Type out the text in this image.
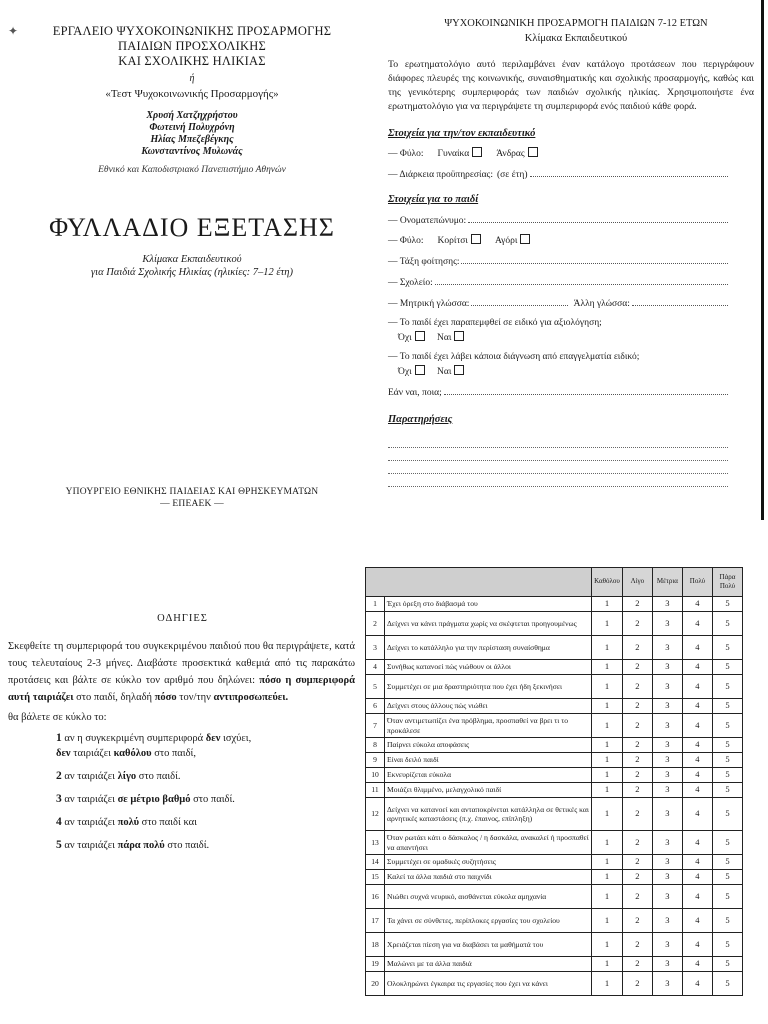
✦	ΕΡΓΑΛΕΙΟ ΨΥΧΟΚΟΙΝΩΝΙΚΗΣ ΠΡΟΣΑΡΜΟΓΗΣ
ΠΑΙΔΙΩΝ ΠΡΟΣΧΟΛΙΚΗΣ
ΚΑΙ ΣΧΟΛΙΚΗΣ ΗΛΙΚΙΑΣ
ή
«Τεστ Ψυχοκοινωνικής Προσαρμογής»
Χρυσή Χατζηχρήστου
Φωτεινή Πολυχρόνη
Ηλίας Μπεζεβέγκης
Κωνσταντίνος Μυλωνάς
Εθνικό και Καποδιστριακό Πανεπιστήμιο Αθηνών
ΦΥΛΛΑΔΙΟ ΕΞΕΤΑΣΗΣ
Κλίμακα Εκπαιδευτικού
για Παιδιά Σχολικής Ηλικίας (ηλικίες: 7–12 έτη)
ΥΠΟΥΡΓΕΙΟ ΕΘΝΙΚΗΣ ΠΑΙΔΕΙΑΣ ΚΑΙ ΘΡΗΣΚΕΥΜΑΤΩΝ
— ΕΠΕΑΕΚ —
ΨΥΧΟΚΟΙΝΩΝΙΚΗ ΠΡΟΣΑΡΜΟΓΗ ΠΑΙΔΙΩΝ 7-12 ΕΤΩΝ
Κλίμακα Εκπαιδευτικού
Το ερωτηματολόγιο αυτό περιλαμβάνει έναν κατάλογο προτάσεων που περιγράφουν διάφορες πλευρές της κοινωνικής, συναισθηματικής και σχολικής προσαρμογής, καθώς και της γενικότερης συμπεριφοράς των παιδιών σχολικής ηλικίας. Χρησιμοποιήστε ένα ερωτηματολόγιο για να περιγράψετε τη συμπεριφορά ενός παιδιού κάθε φορά.
Στοιχεία για την/τον εκπαιδευτικό
— Φύλο: Γυναίκα	Άνδρας
— Διάρκεια προϋπηρεσίας: (σε έτη)
Στοιχεία για το παιδί
— Ονοματεπώνυμο:
— Φύλο: Κορίτσι	Αγόρι
— Τάξη φοίτησης:
— Σχολείο:
— Μητρική γλώσσα:	Άλλη γλώσσα:
— Το παιδί έχει παραπεμφθεί σε ειδικό για αξιολόγηση;
Όχι	Ναι
— Το παιδί έχει λάβει κάποια διάγνωση από επαγγελματία ειδικό;
Όχι	Ναι
Εάν ναι, ποια;
Παρατηρήσεις
ΟΔΗΓΙΕΣ
Σκεφθείτε τη συμπεριφορά του συγκεκριμένου παιδιού που θα περιγράψετε, κατά τους τελευταίους 2-3 μήνες. Διαβάστε προσεκτικά καθεμιά από τις παρακάτω προτάσεις και βάλτε σε κύκλο τον αριθμό που δηλώνει: πόσο η συμπεριφορά αυτή ταιριάζει στο παιδί, δηλαδή πόσο τον/την αντιπροσωπεύει.
θα βάλετε σε κύκλο το:
1 αν η συγκεκριμένη συμπεριφορά δεν ισχύει,
δεν ταιριάζει καθόλου στο παιδί,
2 αν ταιριάζει λίγο στο παιδί.
3 αν ταιριάζει σε μέτριο βαθμό στο παιδί.
4 αν ταιριάζει πολύ στο παιδί και
5 αν ταιριάζει πάρα πολύ στο παιδί.
		Καθόλου	Λίγο	Μέτρια	Πολύ	Πάρα Πολύ
1	Έχει όρεξη στο διάβασμά του	1	2	3	4	5
2	Δείχνει να κάνει πράγματα χωρίς να σκέφτεται προηγουμένως	1	2	3	4	5
3	Δείχνει το κατάλληλο για την περίσταση συναίσθημα	1	2	3	4	5
4	Συνήθως κατανοεί πώς νιώθουν οι άλλοι	1	2	3	4	5
5	Συμμετέχει σε μια δραστηριότητα που έχει ήδη ξεκινήσει	1	2	3	4	5
6	Δείχνει στους άλλους πώς νιώθει	1	2	3	4	5
7	Όταν αντιμετωπίζει ένα πρόβλημα, προσπαθεί να βρει τι το προκάλεσε	1	2	3	4	5
8	Παίρνει εύκολα αποφάσεις	1	2	3	4	5
9	Είναι δειλό παιδί	1	2	3	4	5
10	Εκνευρίζεται εύκολα	1	2	3	4	5
11	Μοιάζει θλιμμένο, μελαγχολικό παιδί	1	2	3	4	5
12	Δείχνει να κατανοεί και ανταποκρίνεται κατάλληλα σε θετικές και αρνητικές καταστάσεις (π.χ. έπαινος, επίπληξη)	1	2	3	4	5
13	Όταν ρωτάει κάτι ο δάσκαλος / η δασκάλα, ανακαλεί ή προσπαθεί να απαντήσει	1	2	3	4	5
14	Συμμετέχει σε ομαδικές συζητήσεις	1	2	3	4	5
15	Καλεί τα άλλα παιδιά στο παιχνίδι	1	2	3	4	5
16	Νιώθει συχνά νευρικό, αισθάνεται εύκολα αμηχανία	1	2	3	4	5
17	Τα χάνει σε σύνθετες, περίπλοκες εργασίες του σχολείου	1	2	3	4	5
18	Χρειάζεται πίεση για να διαβάσει τα μαθήματά του	1	2	3	4	5
19	Μαλώνει με τα άλλα παιδιά	1	2	3	4	5
20	Ολοκληρώνει έγκαιρα τις εργασίες που έχει να κάνει	1	2	3	4	5
